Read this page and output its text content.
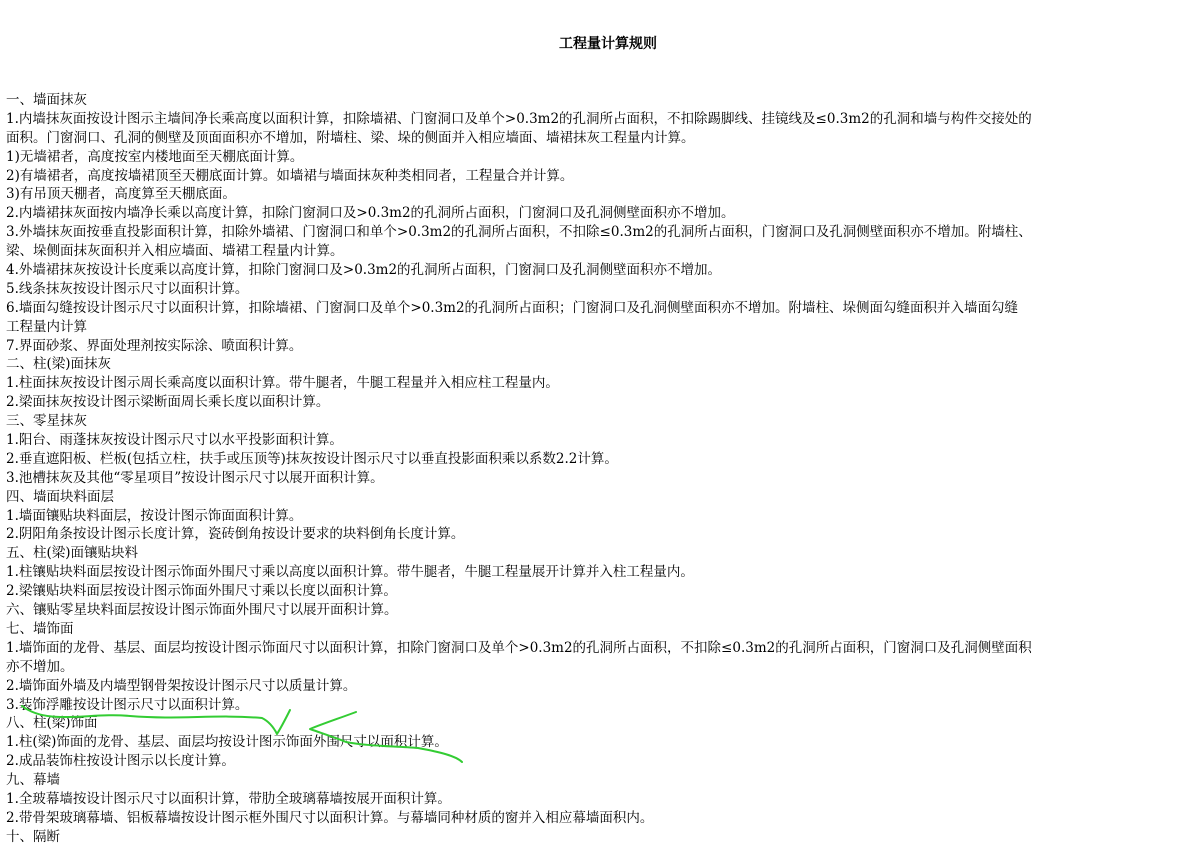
工程量计算规则
一、墙面抹灰
1.内墙抹灰面按设计图示主墙间净长乘高度以面积计算，扣除墙裙、门窗洞口及单个>0.3m2的孔洞所占面积，不扣除踢脚线、挂镜线及≤0.3m2的孔洞和墙与构件交接处的
面积。门窗洞口、孔洞的侧壁及顶面面积亦不增加，附墙柱、梁、垛的侧面并入相应墙面、墙裙抹灰工程量内计算。
1)无墙裙者，高度按室内楼地面至天棚底面计算。
2)有墙裙者，高度按墙裙顶至天棚底面计算。如墙裙与墙面抹灰种类相同者，工程量合并计算。
3)有吊顶天棚者，高度算至天棚底面。
2.内墙裙抹灰面按内墙净长乘以高度计算，扣除门窗洞口及>0.3m2的孔洞所占面积，门窗洞口及孔洞侧壁面积亦不增加。
3.外墙抹灰面按垂直投影面积计算，扣除外墙裙、门窗洞口和单个>0.3m2的孔洞所占面积，不扣除≤0.3m2的孔洞所占面积，门窗洞口及孔洞侧壁面积亦不增加。附墙柱、
梁、垛侧面抹灰面积并入相应墙面、墙裙工程量内计算。
4.外墙裙抹灰按设计长度乘以高度计算，扣除门窗洞口及>0.3m2的孔洞所占面积，门窗洞口及孔洞侧壁面积亦不增加。
5.线条抹灰按设计图示尺寸以面积计算。
6.墙面勾缝按设计图示尺寸以面积计算，扣除墙裙、门窗洞口及单个>0.3m2的孔洞所占面积；门窗洞口及孔洞侧壁面积亦不增加。附墙柱、垛侧面勾缝面积并入墙面勾缝
工程量内计算
7.界面砂浆、界面处理剂按实际涂、喷面积计算。
二、柱(梁)面抹灰
1.柱面抹灰按设计图示周长乘高度以面积计算。带牛腿者，牛腿工程量并入相应柱工程量内。
2.梁面抹灰按设计图示梁断面周长乘长度以面积计算。
三、零星抹灰
1.阳台、雨蓬抹灰按设计图示尺寸以水平投影面积计算。
2.垂直遮阳板、栏板(包括立柱，扶手或压顶等)抹灰按设计图示尺寸以垂直投影面积乘以系数2.2计算。
3.池槽抹灰及其他“零星项目”按设计图示尺寸以展开面积计算。
四、墙面块料面层
1.墙面镶贴块料面层，按设计图示饰面面积计算。
2.阴阳角条按设计图示长度计算，瓷砖倒角按设计要求的块料倒角长度计算。
五、柱(梁)面镶贴块料
1.柱镶贴块料面层按设计图示饰面外围尺寸乘以高度以面积计算。带牛腿者，牛腿工程量展开计算并入柱工程量内。
2.梁镶贴块料面层按设计图示饰面外围尺寸乘以长度以面积计算。
六、镶贴零星块料面层按设计图示饰面外围尺寸以展开面积计算。
七、墙饰面
1.墙饰面的龙骨、基层、面层均按设计图示饰面尺寸以面积计算，扣除门窗洞口及单个>0.3m2的孔洞所占面积，不扣除≤0.3m2的孔洞所占面积，门窗洞口及孔洞侧壁面积
亦不增加。
2.墙饰面外墙及内墙型钢骨架按设计图示尺寸以质量计算。
3.装饰浮雕按设计图示尺寸以面积计算。
八、柱(梁)饰面
1.柱(梁)饰面的龙骨、基层、面层均按设计图示饰面外围尺寸以面积计算。
2.成品装饰柱按设计图示以长度计算。
九、幕墙
1.全玻幕墙按设计图示尺寸以面积计算，带肋全玻璃幕墙按展开面积计算。
2.带骨架玻璃幕墙、铝板幕墙按设计图示框外围尺寸以面积计算。与幕墙同种材质的窗并入相应幕墙面积内。
十、隔断
